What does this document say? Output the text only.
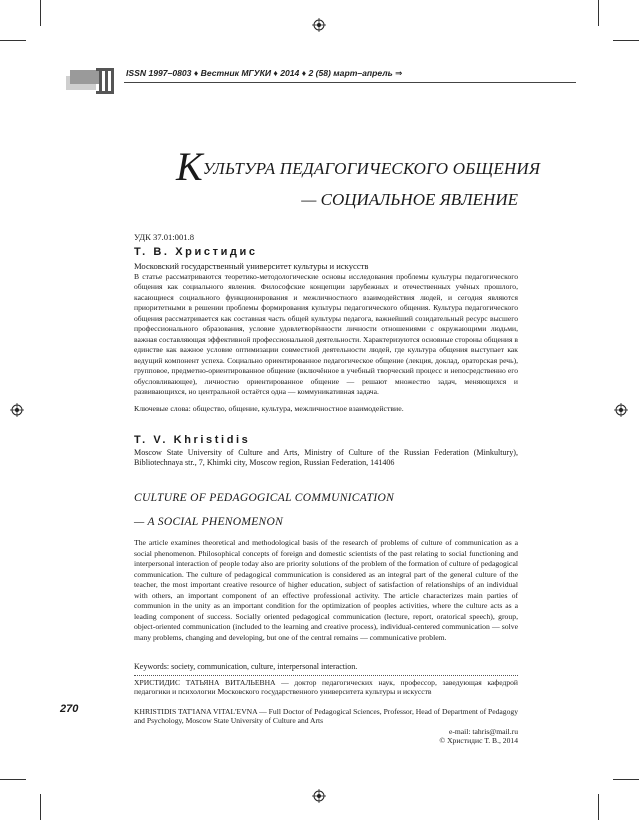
ISSN 1997–0803 ♦ Вестник МГУКИ ♦ 2014 ♦ 2 (58) март–апрель ⇒
КУЛЬТУРА ПЕДАГОГИЧЕСКОГО ОБЩЕНИЯ
— СОЦИАЛЬНОЕ ЯВЛЕНИЕ
УДК 37.01:001.8
Т. В. Христидис
Московский государственный университет культуры и искусств

В статье рассматриваются теоретико-методологические основы исследования проблемы культуры педагогического общения как социального явления. Философские концепции зарубежных и отечественных учёных прошлого, касающиеся социального функционирования и межличностного взаимодействия людей, и сегодня являются приоритетными в решении проблемы формирования культуры педагогического общения. Культура педагогического общения рассматривается как составная часть общей культуры педагога, важнейший созидательный ресурс высшего профессионального образования, условие удовлетворённости личности отношениями с окружающими людьми, важная составляющая эффективной профессиональной деятельности. Характеризуются основные стороны общения в единстве как важное условие оптимизации совместной деятельности людей, где культура общения выступает как ведущий компонент успеха. Социально ориентированное педагогическое общение (лекция, доклад, ораторская речь), групповое, предметно-ориентированное общение (включённое в учебный творческий процесс и непосредственно его обусловливающее), личностно ориентированное общение — решают множество задач, меняющихся и развивающихся, но центральной остаётся одна — коммуникативная задача.

Ключевые слова: общество, общение, культура, межличностное взаимодействие.
T. V. Khristidis

Moscow State University of Culture and Arts, Ministry of Culture of the Russian Federation (Minkultury), Bibliotechnaya str., 7, Khimki city, Moscow region, Russian Federation, 141406

CULTURE OF PEDAGOGICAL COMMUNICATION
— A SOCIAL PHENOMENON

The article examines theoretical and methodological basis of the research of problems of culture of communication as a social phenomenon. Philosophical concepts of foreign and domestic scientists of the past relating to social functioning and interpersonal interaction of people today also are priority solutions of the problem of the formation of culture of pedagogical communication. The culture of pedagogical communication is considered as an integral part of the general culture of the teacher, the most important creative resource of higher education, subject of satisfaction of relationships of an individual with others, an important component of an effective professional activity. The article characterizes main parties of communion in the unity as an important condition for the optimization of peoples activities, where the culture acts as a leading component of success. Socially oriented pedagogical communication (lecture, report, oratorical speech), group, object-oriented communication (included to the learning and creative process), individual-centered communication — solve many problems, changing and developing, but one of the central remains — communicative problem.

Keywords: society, communication, culture, interpersonal interaction.

ХРИСТИДИС ТАТЬЯНА ВИТАЛЬЕВНА — доктор педагогических наук, профессор, заведующая кафедрой педагогики и психологии Московского государственного университета культуры и искусств

KHRISTIDIS TAT'IANA VITAL'EVNA — Full Doctor of Pedagogical Sciences, Professor, Head of Department of Pedagogy and Psychology, Moscow State University of Culture and Arts

e-mail: tahris@mail.ru
© Христидис Т. В., 2014
270
